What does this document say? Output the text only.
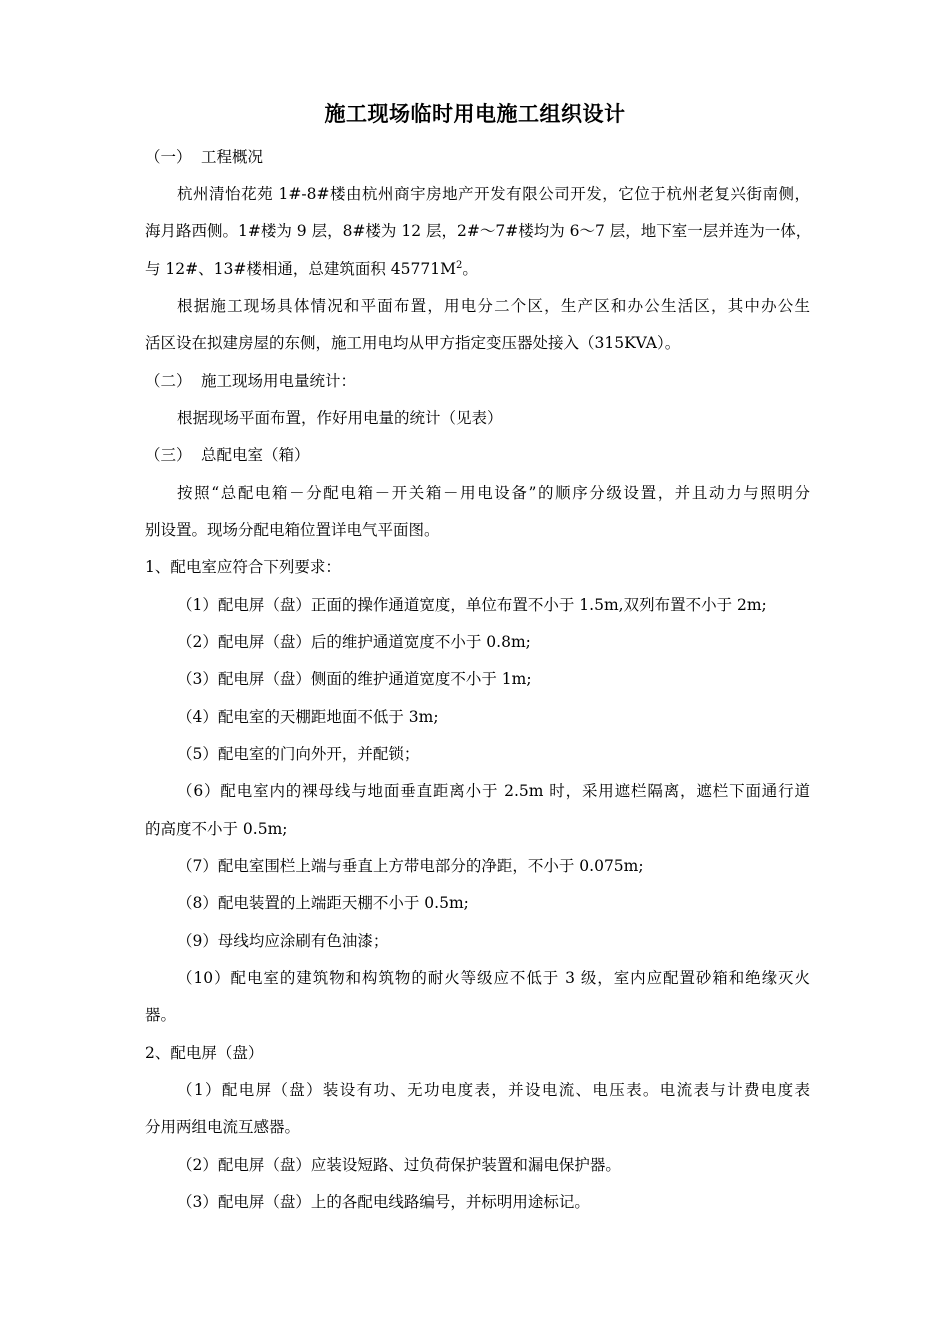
施工现场临时用电施工组织设计
（一） 工程概况
杭州清怡花苑 1#-8#楼由杭州商宇房地产开发有限公司开发，它位于杭州老复兴街南侧，
海月路西侧。1#楼为 9 层，8#楼为 12 层，2#～7#楼均为 6～7 层，地下室一层并连为一体，
与 12#、13#楼相通，总建筑面积 $45771M^2$。
根据施工现场具体情况和平面布置，用电分二个区，生产区和办公生活区，其中办公生
活区设在拟建房屋的东侧，施工用电均从甲方指定变压器处接入（315KVA）。
（二） 施工现场用电量统计：
根据现场平面布置，作好用电量的统计（见表）
（三） 总配电室（箱）
按照“总配电箱－分配电箱－开关箱－用电设备”的顺序分级设置，并且动力与照明分
别设置。现场分配电箱位置详电气平面图。
1、配电室应符合下列要求：
（1）配电屏（盘）正面的操作通道宽度，单位布置不小于 1.5m,双列布置不小于 2m;
（2）配电屏（盘）后的维护通道宽度不小于 0.8m;
（3）配电屏（盘）侧面的维护通道宽度不小于 1m;
（4）配电室的天棚距地面不低于 3m;
（5）配电室的门向外开，并配锁；
（6）配电室内的裸母线与地面垂直距离小于 2.5m 时，采用遮栏隔离，遮栏下面通行道
的高度不小于 0.5m;
（7）配电室围栏上端与垂直上方带电部分的净距，不小于 0.075m;
（8）配电装置的上端距天棚不小于 0.5m;
（9）母线均应涂刷有色油漆；
（10）配电室的建筑物和构筑物的耐火等级应不低于 3 级，室内应配置砂箱和绝缘灭火
器。
2、配电屏（盘）
（1）配电屏（盘）装设有功、无功电度表，并设电流、电压表。电流表与计费电度表
分用两组电流互感器。
（2）配电屏（盘）应装设短路、过负荷保护装置和漏电保护器。
（3）配电屏（盘）上的各配电线路编号，并标明用途标记。
